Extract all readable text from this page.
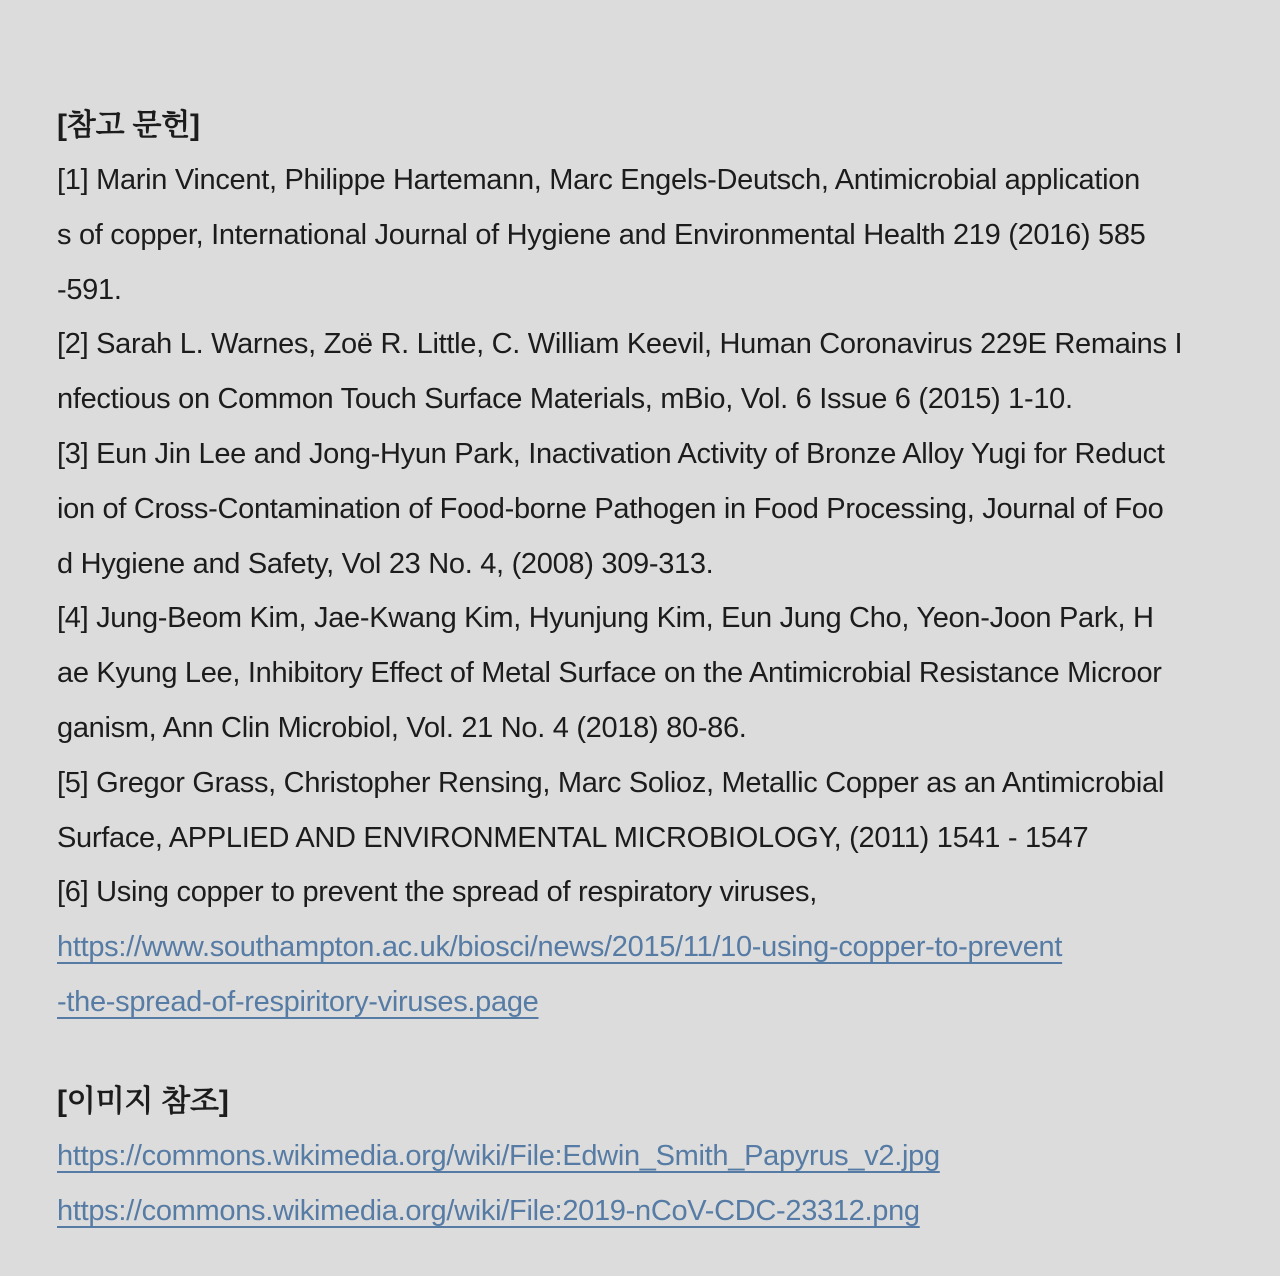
[참고 문헌]
[1] Marin Vincent, Philippe Hartemann, Marc Engels-Deutsch, Antimicrobial application
s of copper, International Journal of Hygiene and Environmental Health 219 (2016) 585
-591.
[2] Sarah L. Warnes, Zoë R. Little, C. William Keevil, Human Coronavirus 229E Remains I
nfectious on Common Touch Surface Materials, mBio, Vol. 6 Issue 6 (2015) 1-10.
[3] Eun Jin Lee and Jong-Hyun Park, Inactivation Activity of Bronze Alloy Yugi for Reduct
ion of Cross-Contamination of Food-borne Pathogen in Food Processing, Journal of Foo
d Hygiene and Safety, Vol 23 No. 4, (2008) 309-313.
[4] Jung-Beom Kim, Jae-Kwang Kim, Hyunjung Kim, Eun Jung Cho, Yeon-Joon Park, H
ae Kyung Lee, Inhibitory Effect of Metal Surface on the Antimicrobial Resistance Microor
ganism, Ann Clin Microbiol, Vol. 21 No. 4 (2018) 80-86.
[5] Gregor Grass, Christopher Rensing, Marc Solioz, Metallic Copper as an Antimicrobial
Surface, APPLIED AND ENVIRONMENTAL MICROBIOLOGY, (2011) 1541 - 1547
[6] Using copper to prevent the spread of respiratory viruses,
https://www.southampton.ac.uk/biosci/news/2015/11/10-using-copper-to-prevent
-the-spread-of-respiritory-viruses.page
[이미지 참조]
https://commons.wikimedia.org/wiki/File:Edwin_Smith_Papyrus_v2.jpg
https://commons.wikimedia.org/wiki/File:2019-nCoV-CDC-23312.png
